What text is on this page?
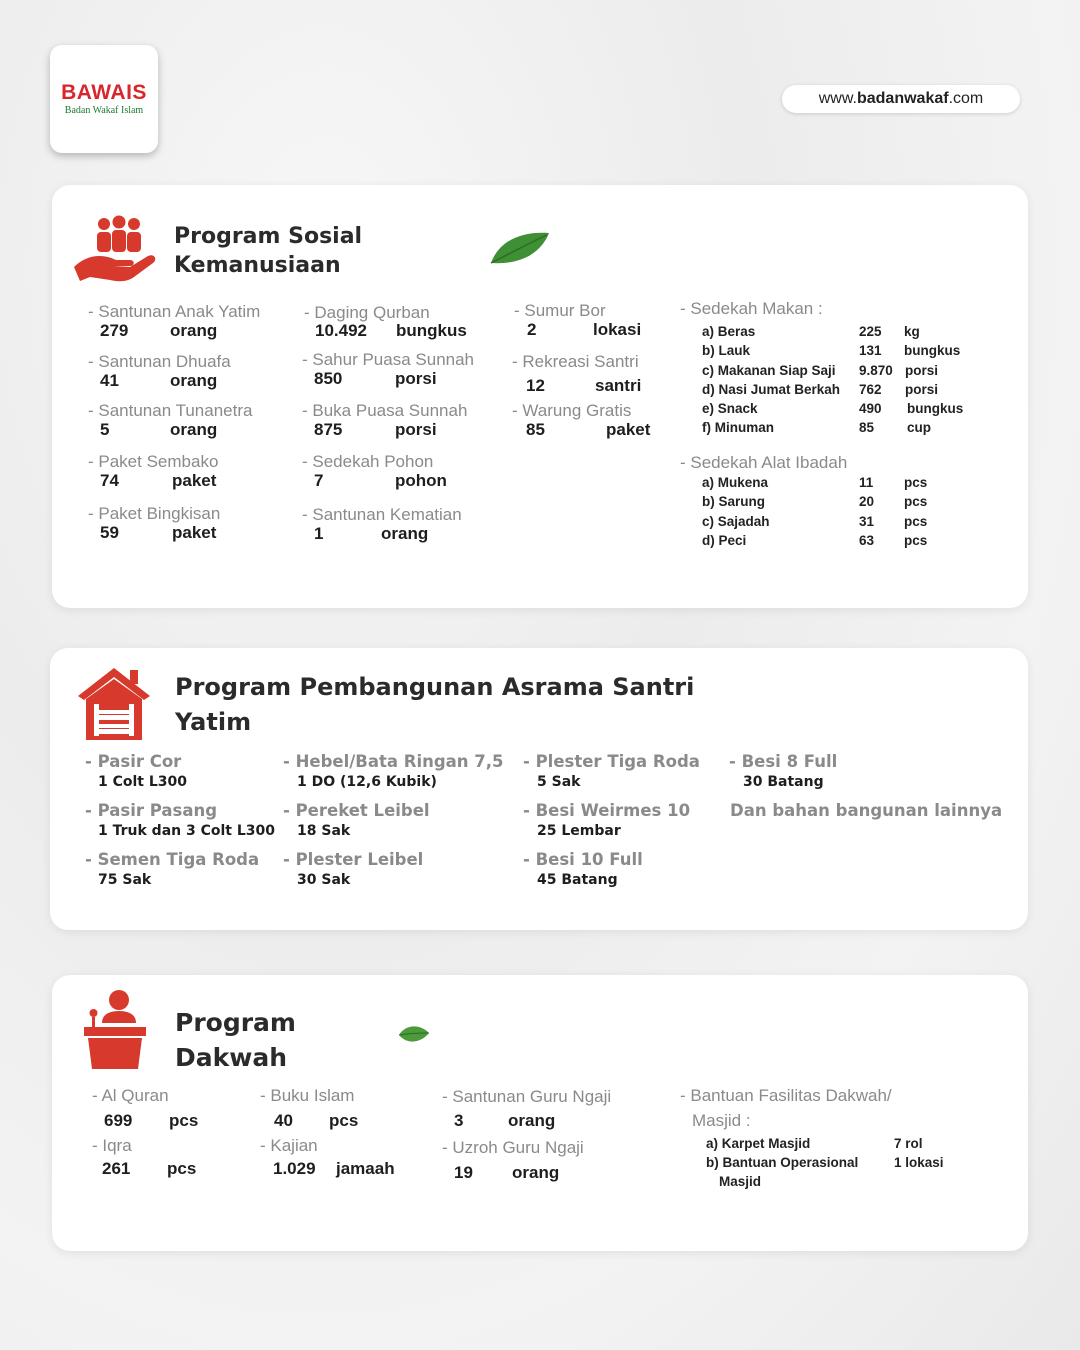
BAWAIS
Badan Wakaf Islam
www. badanwakaf .com
Program Sosial
Kemanusiaan
- Santunan Anak Yatim
279 orang
- Santunan Dhuafa
41	orang
- Santunan Tunanetra
5	orang
- Paket Sembako
74	paket
- Paket Bingkisan
59	paket
- Daging Qurban
10.492 bungkus
- Sahur Puasa Sunnah
850	porsi
- Buka Puasa Sunnah
875	porsi
- Sedekah Pohon
7	pohon
- Santunan Kematian
1	orang
- Sumur Bor
2	lokasi
- Rekreasi Santri
12	santri
- Warung Gratis
85	paket
- Sedekah Makan :
a) Beras	225 kg
b) Lauk	131 bungkus
c) Makanan Siap Saji 9.870 porsi
d) Nasi Jumat Berkah 762 porsi
e) Snack	490 bungkus
f) Minuman	85 cup
- Sedekah Alat Ibadah
a) Mukena	11 pcs
b) Sarung	20 pcs
c) Sajadah	31 pcs
d) Peci	63 pcs
Program Pembangunan Asrama Santri
Yatim
- Pasir Cor
1 Colt L300
- Pasir Pasang
1 Truk dan 3 Colt L300
- Semen Tiga Roda
75 Sak
- Hebel/Bata Ringan 7,5
1 DO (12,6 Kubik)
- Pereket Leibel
18 Sak
- Plester Leibel
30 Sak
- Plester Tiga Roda
5 Sak
- Besi Weirmes 10
25 Lembar
- Besi 10 Full
45 Batang
- Besi 8 Full
30 Batang
Dan bahan bangunan lainnya
Program
Dakwah
- Al Quran
699 pcs
- Iqra
261 pcs
- Buku Islam
40 pcs
- Kajian
1.029 jamaah
- Santunan Guru Ngaji
3	orang
- Uzroh Guru Ngaji
19 orang
- Bantuan Fasilitas Dakwah/
Masjid :
a) Karpet Masjid	7 rol
b) Bantuan Operasional
Masjid
1 lokasi
